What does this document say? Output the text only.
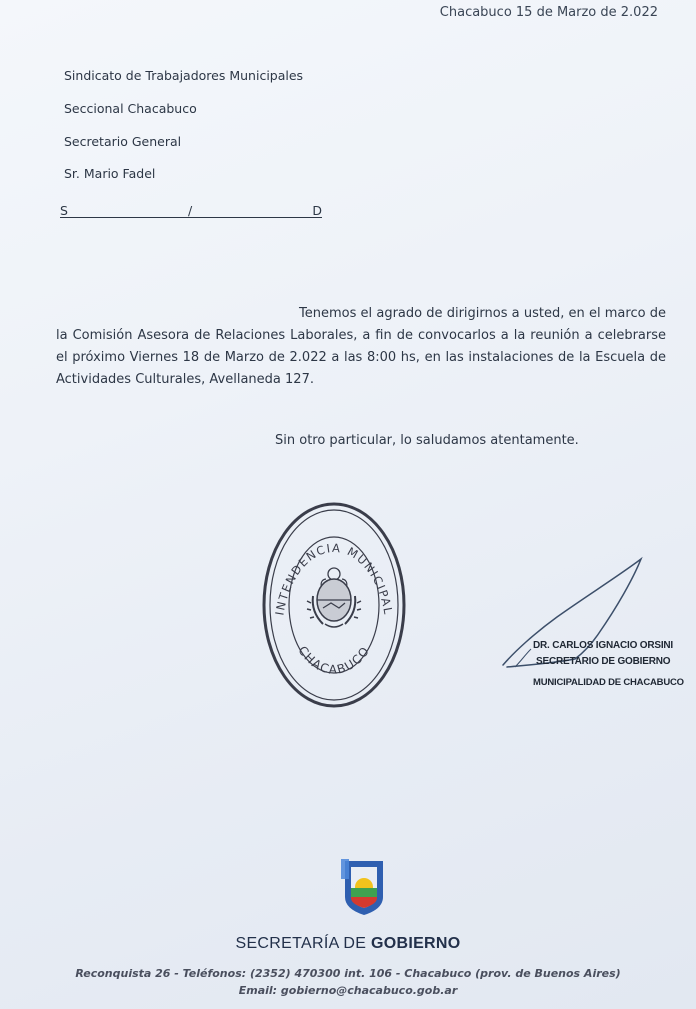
Chacabuco 15 de Marzo de 2.022
Sindicato de Trabajadores Municipales
Seccional Chacabuco
Secretario General
Sr. Mario Fadel
S	/	D
Tenemos el agrado de dirigirnos a usted, en el marco de la Comisión Asesora de Relaciones Laborales, a fin de convocarlos a la reunión a celebrarse el próximo Viernes 18 de Marzo de 2.022 a las 8:00 hs, en las instalaciones de la Escuela de Actividades Culturales, Avellaneda 127.
Sin otro particular, lo saludamos atentamente.
INTENDENCIA MUNICIPAL
CHACABUCO	DR. CARLOS IGNACIO ORSINI
SECRETARIO DE GOBIERNO
MUNICIPALIDAD DE CHACABUCO
SECRETARÍA DE GOBIERNO
Reconquista 26 - Teléfonos: (2352) 470300 int. 106 - Chacabuco (prov. de Buenos Aires)
Email: gobierno@chacabuco.gob.ar
